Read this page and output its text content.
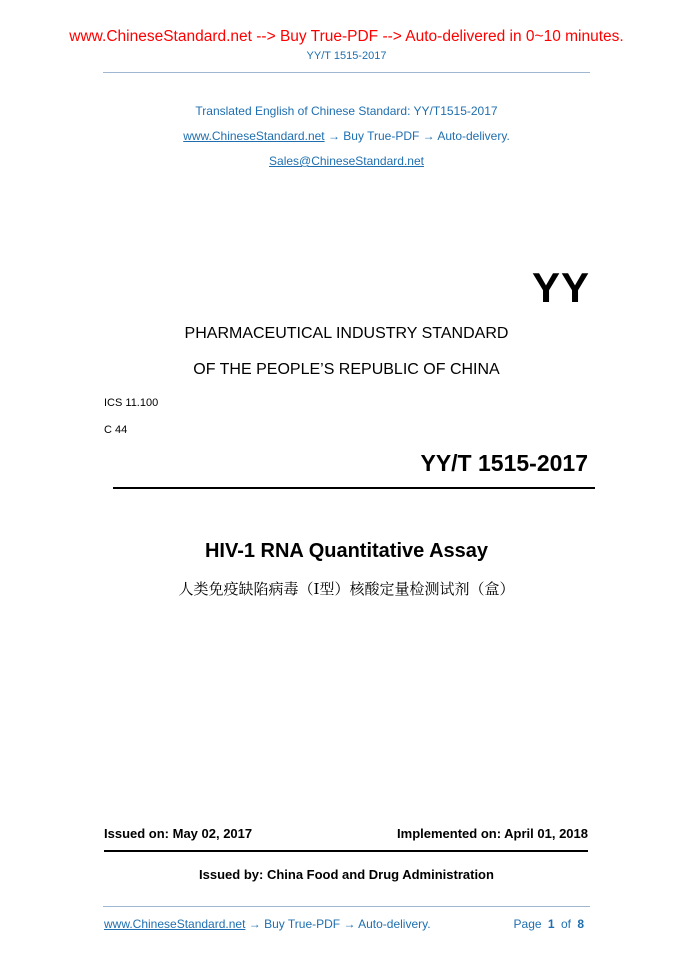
www.ChineseStandard.net --> Buy True-PDF --> Auto-delivered in 0~10 minutes.
YY/T 1515-2017
Translated English of Chinese Standard: YY/T1515-2017
www.ChineseStandard.net → Buy True-PDF → Auto-delivery.
Sales@ChineseStandard.net
YY
PHARMACEUTICAL INDUSTRY STANDARD
OF THE PEOPLE’S REPUBLIC OF CHINA
ICS 11.100
C 44
YY/T 1515-2017
HIV-1 RNA Quantitative Assay
人类免疫缺陷病毒（Ⅰ型）核酸定量检测试剂（盒）
Issued on: May 02, 2017	Implemented on: April 01, 2018
Issued by: China Food and Drug Administration
www.ChineseStandard.net → Buy True-PDF → Auto-delivery.	Page 1 of 8
